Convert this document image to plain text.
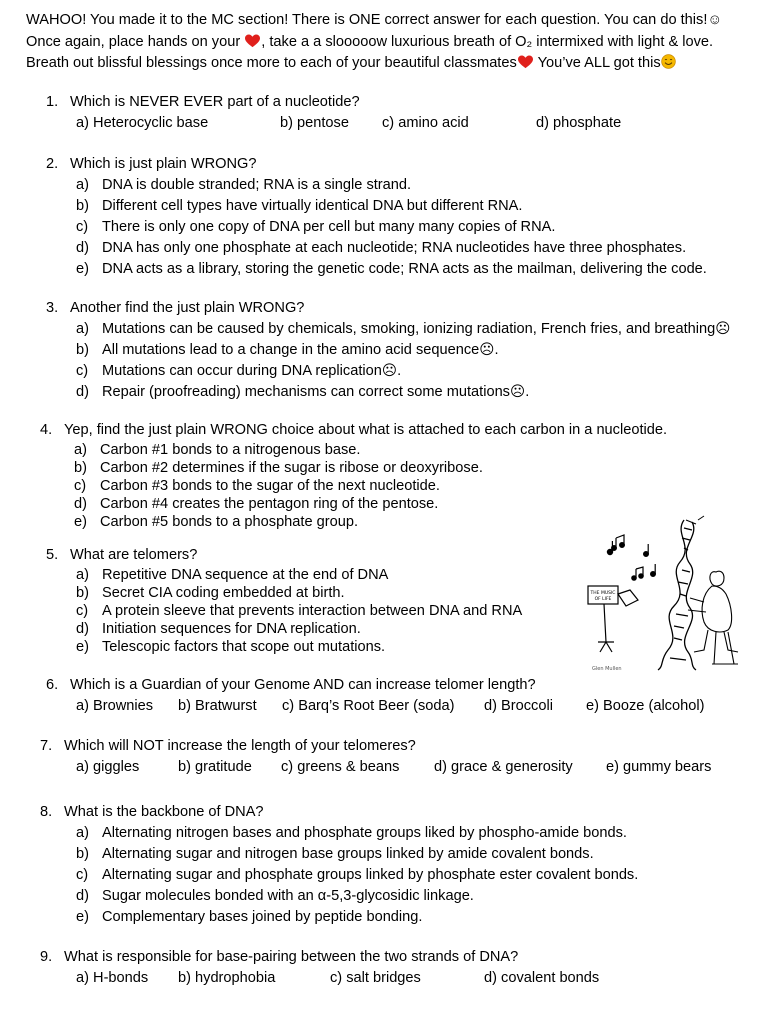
WAHOO! You made it to the MC section! There is ONE correct answer for each question. You can do this!☺
Once again, place hands on your , take a a slooooow luxurious breath of O₂ intermixed with light & love.
Breath out blissful blessings once more to each of your beautiful classmates You’ve ALL got this
1. Which is NEVER EVER part of a nucleotide?
a) Heterocyclic base	b) pentose c) amino acid	d) phosphate
2. Which is just plain WRONG?
a) DNA is double stranded; RNA is a single strand.
b) Different cell types have virtually identical DNA but different RNA.
c) There is only one copy of DNA per cell but many many copies of RNA.
d) DNA has only one phosphate at each nucleotide; RNA nucleotides have three phosphates.
e) DNA acts as a library, storing the genetic code; RNA acts as the mailman, delivering the code.
3. Another find the just plain WRONG?
a) Mutations can be caused by chemicals, smoking, ionizing radiation, French fries, and breathing☹
b) All mutations lead to a change in the amino acid sequence☹.
c) Mutations can occur during DNA replication☹.
d) Repair (proofreading) mechanisms can correct some mutations☹.
4. Yep, find the just plain WRONG choice about what is attached to each carbon in a nucleotide.
a) Carbon #1 bonds to a nitrogenous base.
b) Carbon #2 determines if the sugar is ribose or deoxyribose.
c) Carbon #3 bonds to the sugar of the next nucleotide.
d) Carbon #4 creates the pentagon ring of the pentose.
e) Carbon #5 bonds to a phosphate group.
5. What are telomers?
a) Repetitive DNA sequence at the end of DNA
b) Secret CIA coding embedded at birth.
c) A protein sleeve that prevents interaction between DNA and RNA
d) Initiation sequences for DNA replication.
e) Telescopic factors that scope out mutations.
THE MUSIC
OF LIFE
Glen Mullen
6. Which is a Guardian of your Genome AND can increase telomer length?
a) Brownies b) Bratwurst c) Barq’s Root Beer (soda) d) Broccoli e) Booze (alcohol)
7. Which will NOT increase the length of your telomeres?
a) giggles	b) gratitude c) greens & beans d) grace & generosity e) gummy bears
8. What is the backbone of DNA?
a) Alternating nitrogen bases and phosphate groups liked by phospho-amide bonds.
b) Alternating sugar and nitrogen base groups linked by amide covalent bonds.
c) Alternating sugar and phosphate groups linked by phosphate ester covalent bonds.
d) Sugar molecules bonded with an α-5,3-glycosidic linkage.
e) Complementary bases joined by peptide bonding.
9. What is responsible for base-pairing between the two strands of DNA?
a) H-bonds b) hydrophobia	c) salt bridges	d) covalent bonds
